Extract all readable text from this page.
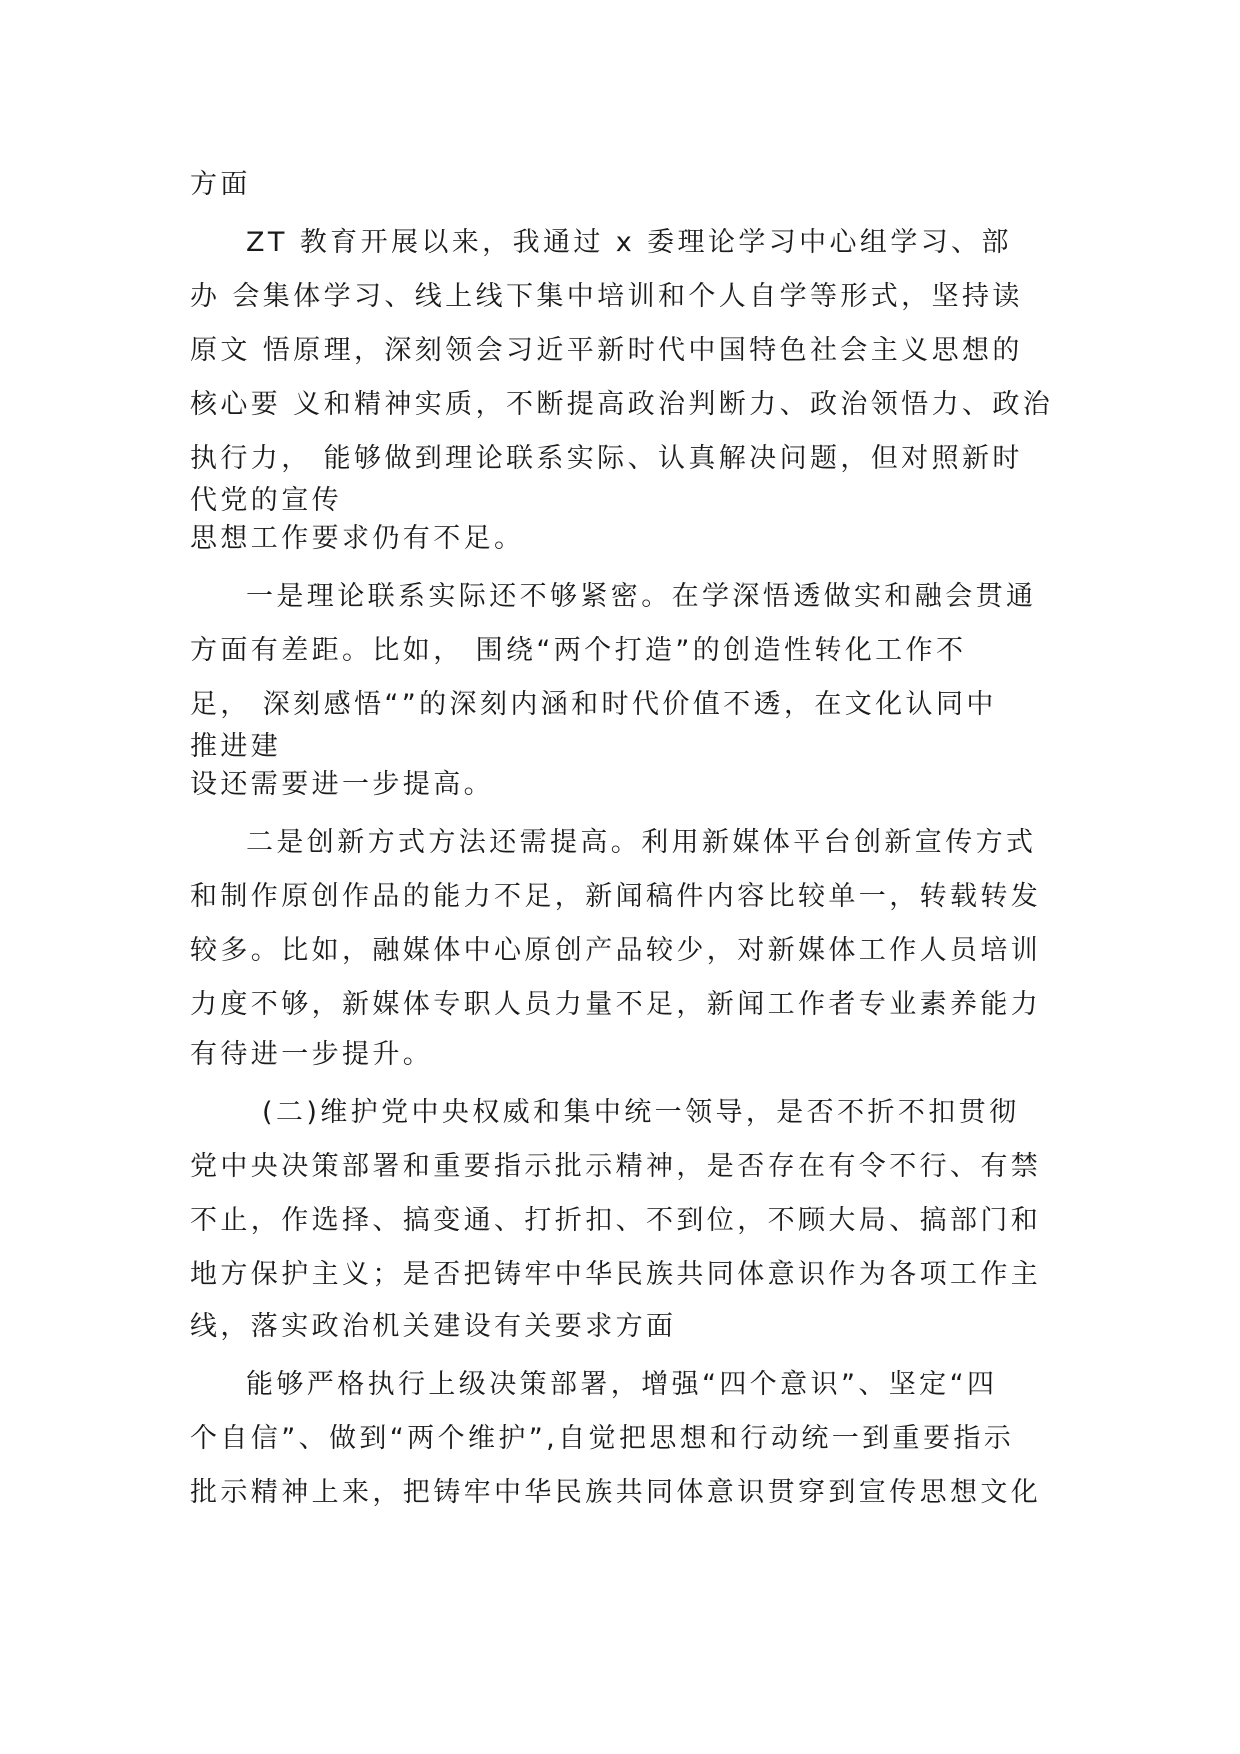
方面
ZT 教育开展以来，我通过 x 委理论学习中心组学习、部
办 会集体学习、线上线下集中培训和个人自学等形式，坚持读
原文 悟原理，深刻领会习近平新时代中国特色社会主义思想的
核心要 义和精神实质，不断提高政治判断力、政治领悟力、政治
执行力， 能够做到理论联系实际、认真解决问题，但对照新时
代党的宣传
思想工作要求仍有不足。
一是理论联系实际还不够紧密。在学深悟透做实和融会贯通
方面有差距。比如， 围绕“两个打造”的创造性转化工作不
足， 深刻感悟“”的深刻内涵和时代价值不透，在文化认同中
推进建
设还需要进一步提高。
二是创新方式方法还需提高。利用新媒体平台创新宣传方式
和制作原创作品的能力不足，新闻稿件内容比较单一，转载转发
较多。比如，融媒体中心原创产品较少，对新媒体工作人员培训
力度不够，新媒体专职人员力量不足，新闻工作者专业素养能力
有待进一步提升。
(二)维护党中央权威和集中统一领导，是否不折不扣贯彻
党中央决策部署和重要指示批示精神，是否存在有令不行、有禁
不止，作选择、搞变通、打折扣、不到位，不顾大局、搞部门和
地方保护主义；是否把铸牢中华民族共同体意识作为各项工作主
线，落实政治机关建设有关要求方面
能够严格执行上级决策部署，增强“四个意识”、坚定“四
个自信”、做到“两个维护”,自觉把思想和行动统一到重要指示
批示精神上来，把铸牢中华民族共同体意识贯穿到宣传思想文化
